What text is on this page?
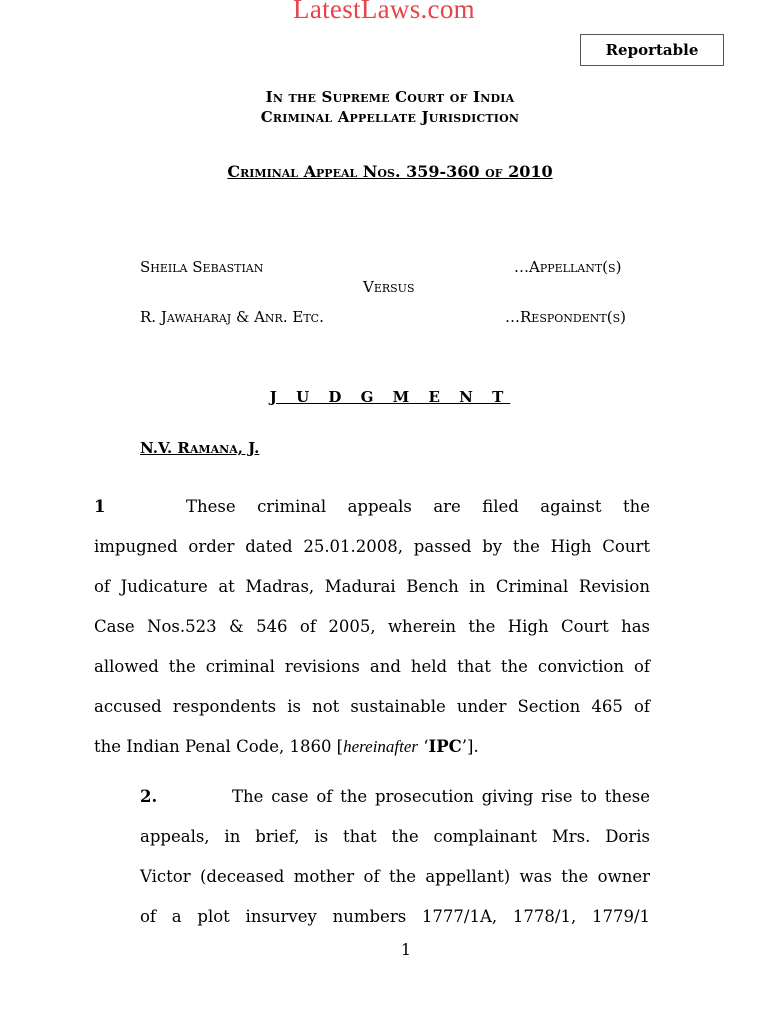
LatestLaws.com
Reportable
In the Supreme Court of India
Criminal Appellate Jurisdiction
Criminal Appeal Nos. 359-360 of 2010
Sheila Sebastian	…Appellant(s)
Versus
R. Jawaharaj & Anr. Etc.	…Respondent(s)
J U D G M E N T
N.V. Ramana, J.
1	These criminal appeals are filed against the
impugned order dated 25.01.2008, passed by the High Court
of Judicature at Madras, Madurai Bench in Criminal Revision
Case Nos.523 & 546 of 2005, wherein the High Court has
allowed the criminal revisions and held that the conviction of
accused respondents is not sustainable under Section 465 of
the Indian Penal Code, 1860 [hereinafter ‘IPC’].
2.	The case of the prosecution giving rise to these
appeals, in brief, is that the complainant Mrs. Doris
Victor (deceased mother of the appellant) was the owner
of a plot insurvey numbers 1777/1A, 1778/1, 1779/1
1
